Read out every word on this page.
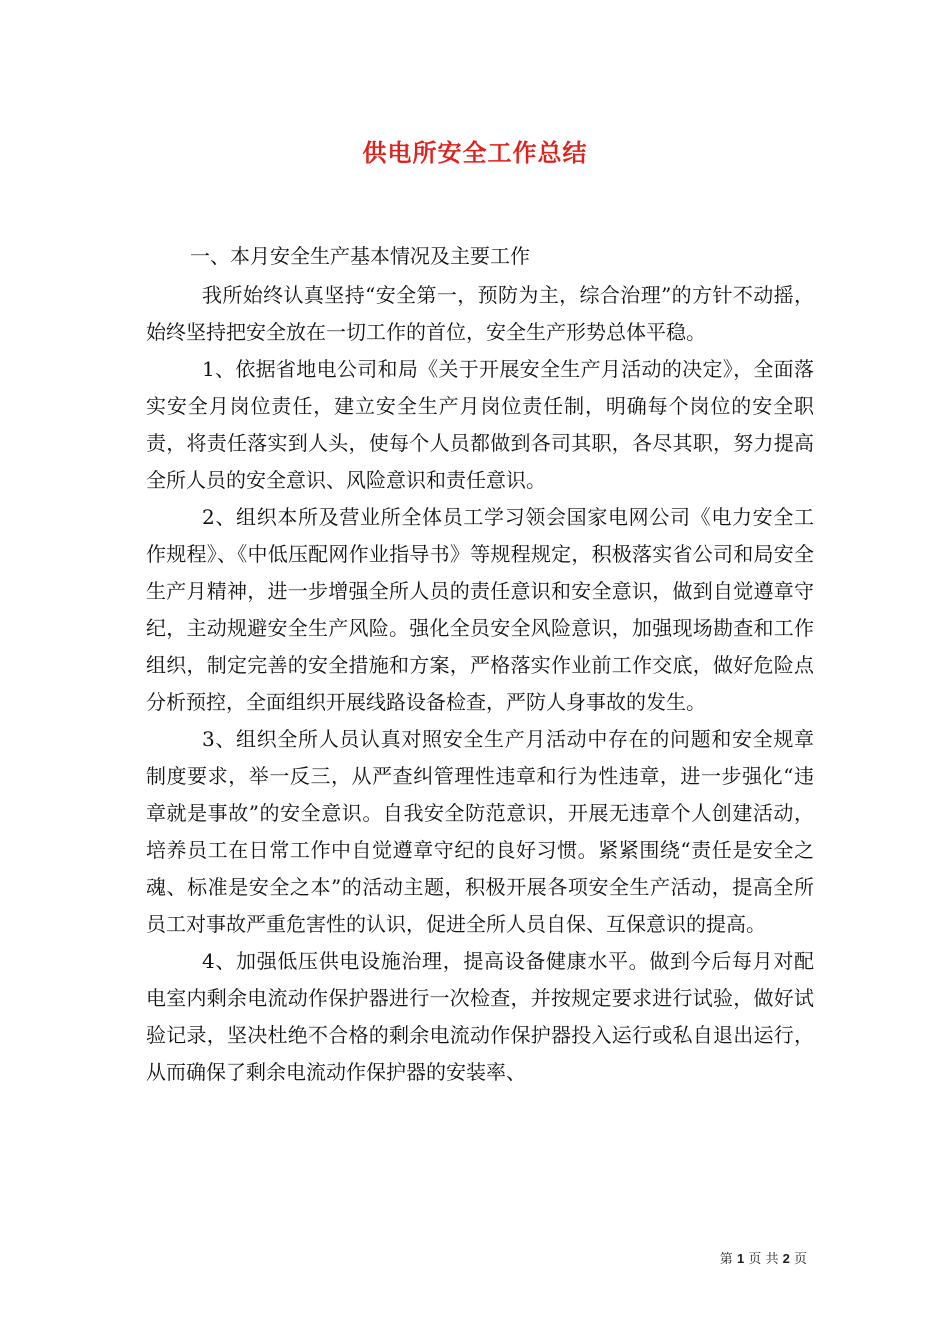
供电所安全工作总结

一、本月安全生产基本情况及主要工作

我所始终认真坚持“安全第一，预防为主，综合治理”的方针不动摇，始终坚持把安全放在一切工作的首位，安全生产形势总体平稳。

1、依据省地电公司和局《关于开展安全生产月活动的决定》，全面落实安全月岗位责任，建立安全生产月岗位责任制，明确每个岗位的安全职责，将责任落实到人头，使每个人员都做到各司其职，各尽其职，努力提高全所人员的安全意识、风险意识和责任意识。

2、组织本所及营业所全体员工学习领会国家电网公司《电力安全工作规程》、《中低压配网作业指导书》等规程规定，积极落实省公司和局安全生产月精神，进一步增强全所人员的责任意识和安全意识，做到自觉遵章守纪，主动规避安全生产风险。强化全员安全风险意识，加强现场勘查和工作组织，制定完善的安全措施和方案，严格落实作业前工作交底，做好危险点分析预控，全面组织开展线路设备检查，严防人身事故的发生。

3、组织全所人员认真对照安全生产月活动中存在的问题和安全规章制度要求，举一反三，从严查纠管理性违章和行为性违章，进一步强化“违章就是事故”的安全意识。自我安全防范意识，开展无违章个人创建活动，培养员工在日常工作中自觉遵章守纪的良好习惯。紧紧围绕“责任是安全之魂、标准是安全之本”的活动主题，积极开展各项安全生产活动，提高全所员工对事故严重危害性的认识，促进全所人员自保、互保意识的提高。

4、加强低压供电设施治理，提高设备健康水平。做到今后每月对配电室内剩余电流动作保护器进行一次检查，并按规定要求进行试验，做好试验记录，坚决杜绝不合格的剩余电流动作保护器投入运行或私自退出运行，从而确保了剩余电流动作保护器的安装率、

第 1 页 共 2 页
